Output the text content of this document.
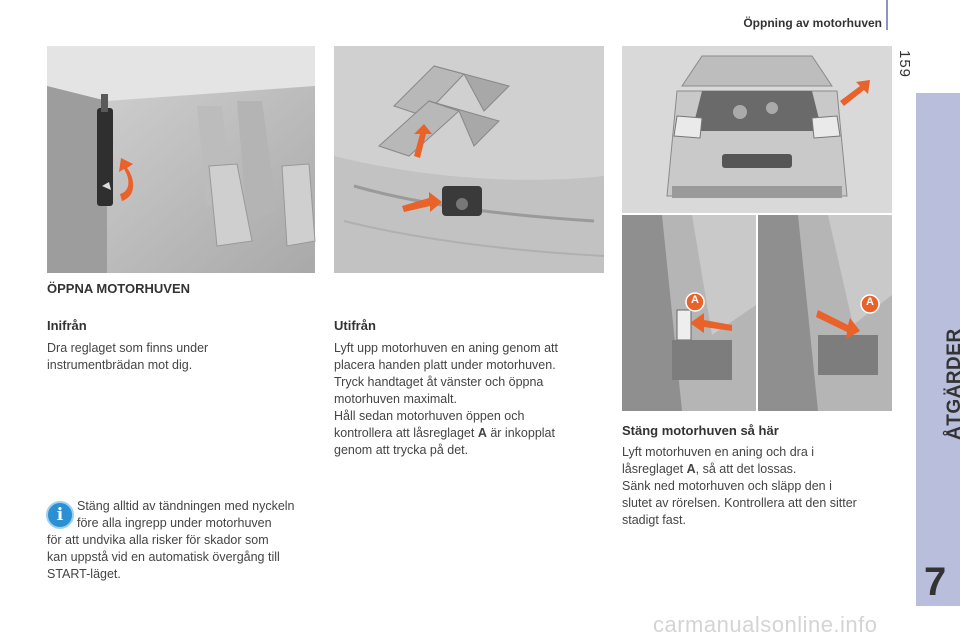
Öppning av motorhuven
159
ÅTGÄRDER
7
A	A
ÖPPNA MOTORHUVEN
Inifrån
Dra reglaget som finns under
instrumentbrädan mot dig.
Utifrån
Lyft upp motorhuven en aning genom att
placera handen platt under motorhuven.
Tryck handtaget åt vänster och öppna
motorhuven maximalt.
Håll sedan motorhuven öppen och
kontrollera att låsreglaget A är inkopplat
genom att trycka på det.
Stäng motorhuven så här
Lyft motorhuven en aning och dra i
låsreglaget A, så att det lossas.
Sänk ned motorhuven och släpp den i
slutet av rörelsen. Kontrollera att den sitter
stadigt fast.
i	Stäng alltid av tändningen med nyckeln
före alla ingrepp under motorhuven
för att undvika alla risker för skador som
kan uppstå vid en automatisk övergång till
START-läget.
carmanualsonline.info
